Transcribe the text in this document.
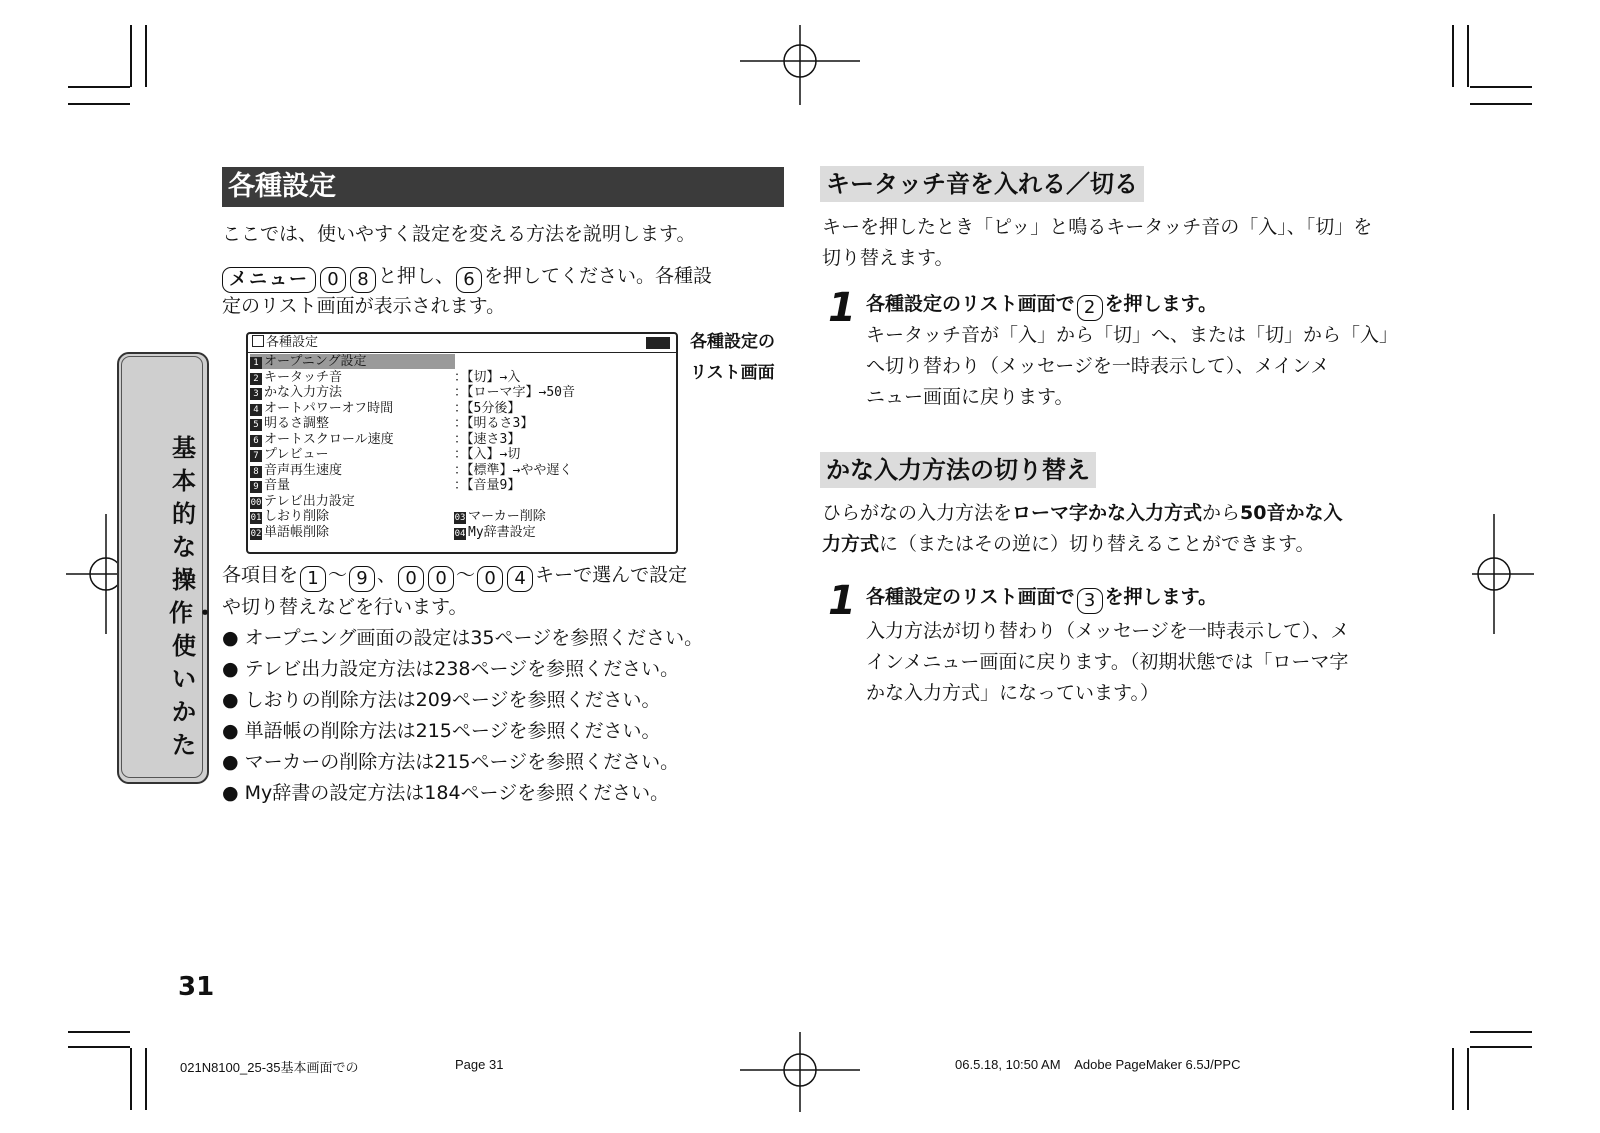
基本的な操作・使いかた
各種設定
ここでは、使いやすく設定を変える方法を説明します。
メニュー 0 8 と押し、 6 を押してください。各種設
定のリスト画面が表示されます。
各種設定
1 オープニング設定
2 キータッチ音	：【切】→入
3 かな入力方法	：【ローマ字】→50音
4 オートパワーオフ時間	：【5分後】
5 明るさ調整	：【明るさ3】
6 オートスクロール速度	：【速さ3】
7 プレビュー	：【入】→切
8 音声再生速度	：【標準】→やや遅く
9 音量	：【音量9】
00 テレビ出力設定
01 しおり削除
02 単語帳削除
03 マーカー削除
04 My辞書設定
各種設定の
リスト画面
各項目を 1 ～ 9 、 0 0 ～ 0 4 キーで選んで設定
や切り替えなどを行います。
● オープニング画面の設定は35ページを参照ください。
● テレビ出力設定方法は238ページを参照ください。
● しおりの削除方法は209ページを参照ください。
● 単語帳の削除方法は215ページを参照ください。
● マーカーの削除方法は215ページを参照ください。
● My辞書の設定方法は184ページを参照ください。
キータッチ音を入れる／切る
キーを押したとき「ピッ」と鳴るキータッチ音の「入」、「切」を
切り替えます。
1 各種設定のリスト画面で 2 を押します。
キータッチ音が「入」から「切」へ、または「切」から「入」
へ切り替わり（メッセージを一時表示して）、メインメ
ニュー画面に戻ります。
かな入力方法の切り替え
ひらがなの入力方法をローマ字かな入力方式から50音かな入
力方式に（またはその逆に）切り替えることができます。
1 各種設定のリスト画面で 3 を押します。
入力方法が切り替わり（メッセージを一時表示して）、メ
インメニュー画面に戻ります。（初期状態では「ローマ字
かな入力方式」になっています。）
31
021N8100_25-35基本画面での	Page 31	06.5.18, 10:50 AM    Adobe PageMaker 6.5J/PPC
